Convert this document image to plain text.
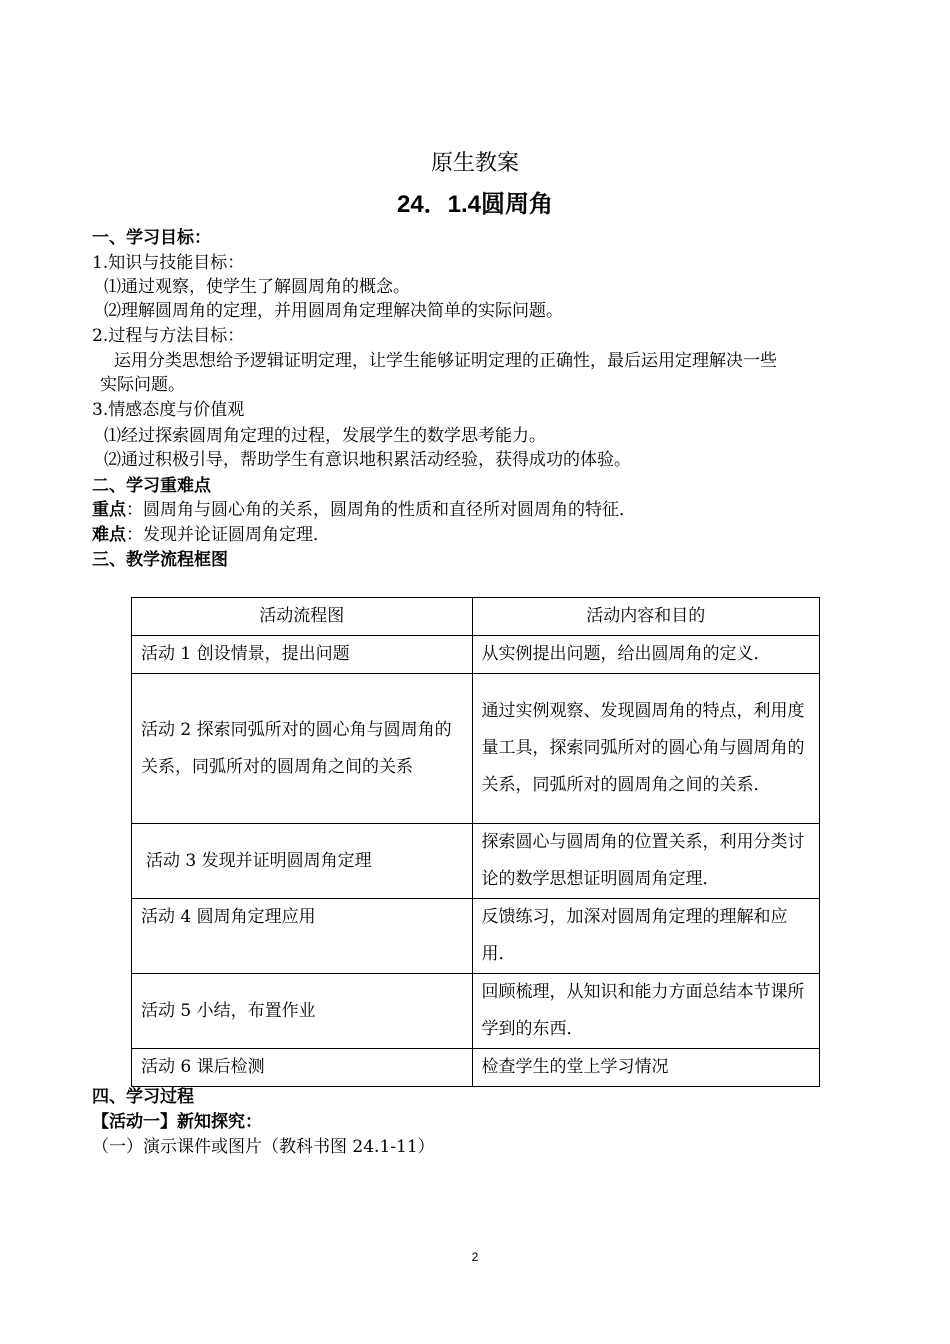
原生教案
24．1.4圆周角
一、学习目标：
1.知识与技能目标：
⑴通过观察，使学生了解圆周角的概念。
⑵理解圆周角的定理，并用圆周角定理解决简单的实际问题。
2.过程与方法目标：
运用分类思想给予逻辑证明定理，让学生能够证明定理的正确性，最后运用定理解决一些
实际问题。
3.情感态度与价值观
⑴经过探索圆周角定理的过程，发展学生的数学思考能力。
⑵通过积极引导，帮助学生有意识地积累活动经验，获得成功的体验。
二、学习重难点
重点：圆周角与圆心角的关系，圆周角的性质和直径所对圆周角的特征．
难点：发现并论证圆周角定理．
三、教学流程框图
活动流程图	活动内容和目的
活动 1 创设情景，提出问题	从实例提出问题，给出圆周角的定义．
活动 2 探索同弧所对的圆心角与圆周角的关系，同弧所对的圆周角之间的关系	通过实例观察、发现圆周角的特点，利用度量工具，探索同弧所对的圆心角与圆周角的关系，同弧所对的圆周角之间的关系．
活动 3 发现并证明圆周角定理	探索圆心与圆周角的位置关系，利用分类讨论的数学思想证明圆周角定理．
活动 4 圆周角定理应用	反馈练习，加深对圆周角定理的理解和应用．
活动 5 小结，布置作业	回顾梳理，从知识和能力方面总结本节课所学到的东西．
活动 6 课后检测	检查学生的堂上学习情况
四、学习过程
【活动一】新知探究：
（一）演示课件或图片（教科书图 24.1-11）
2
